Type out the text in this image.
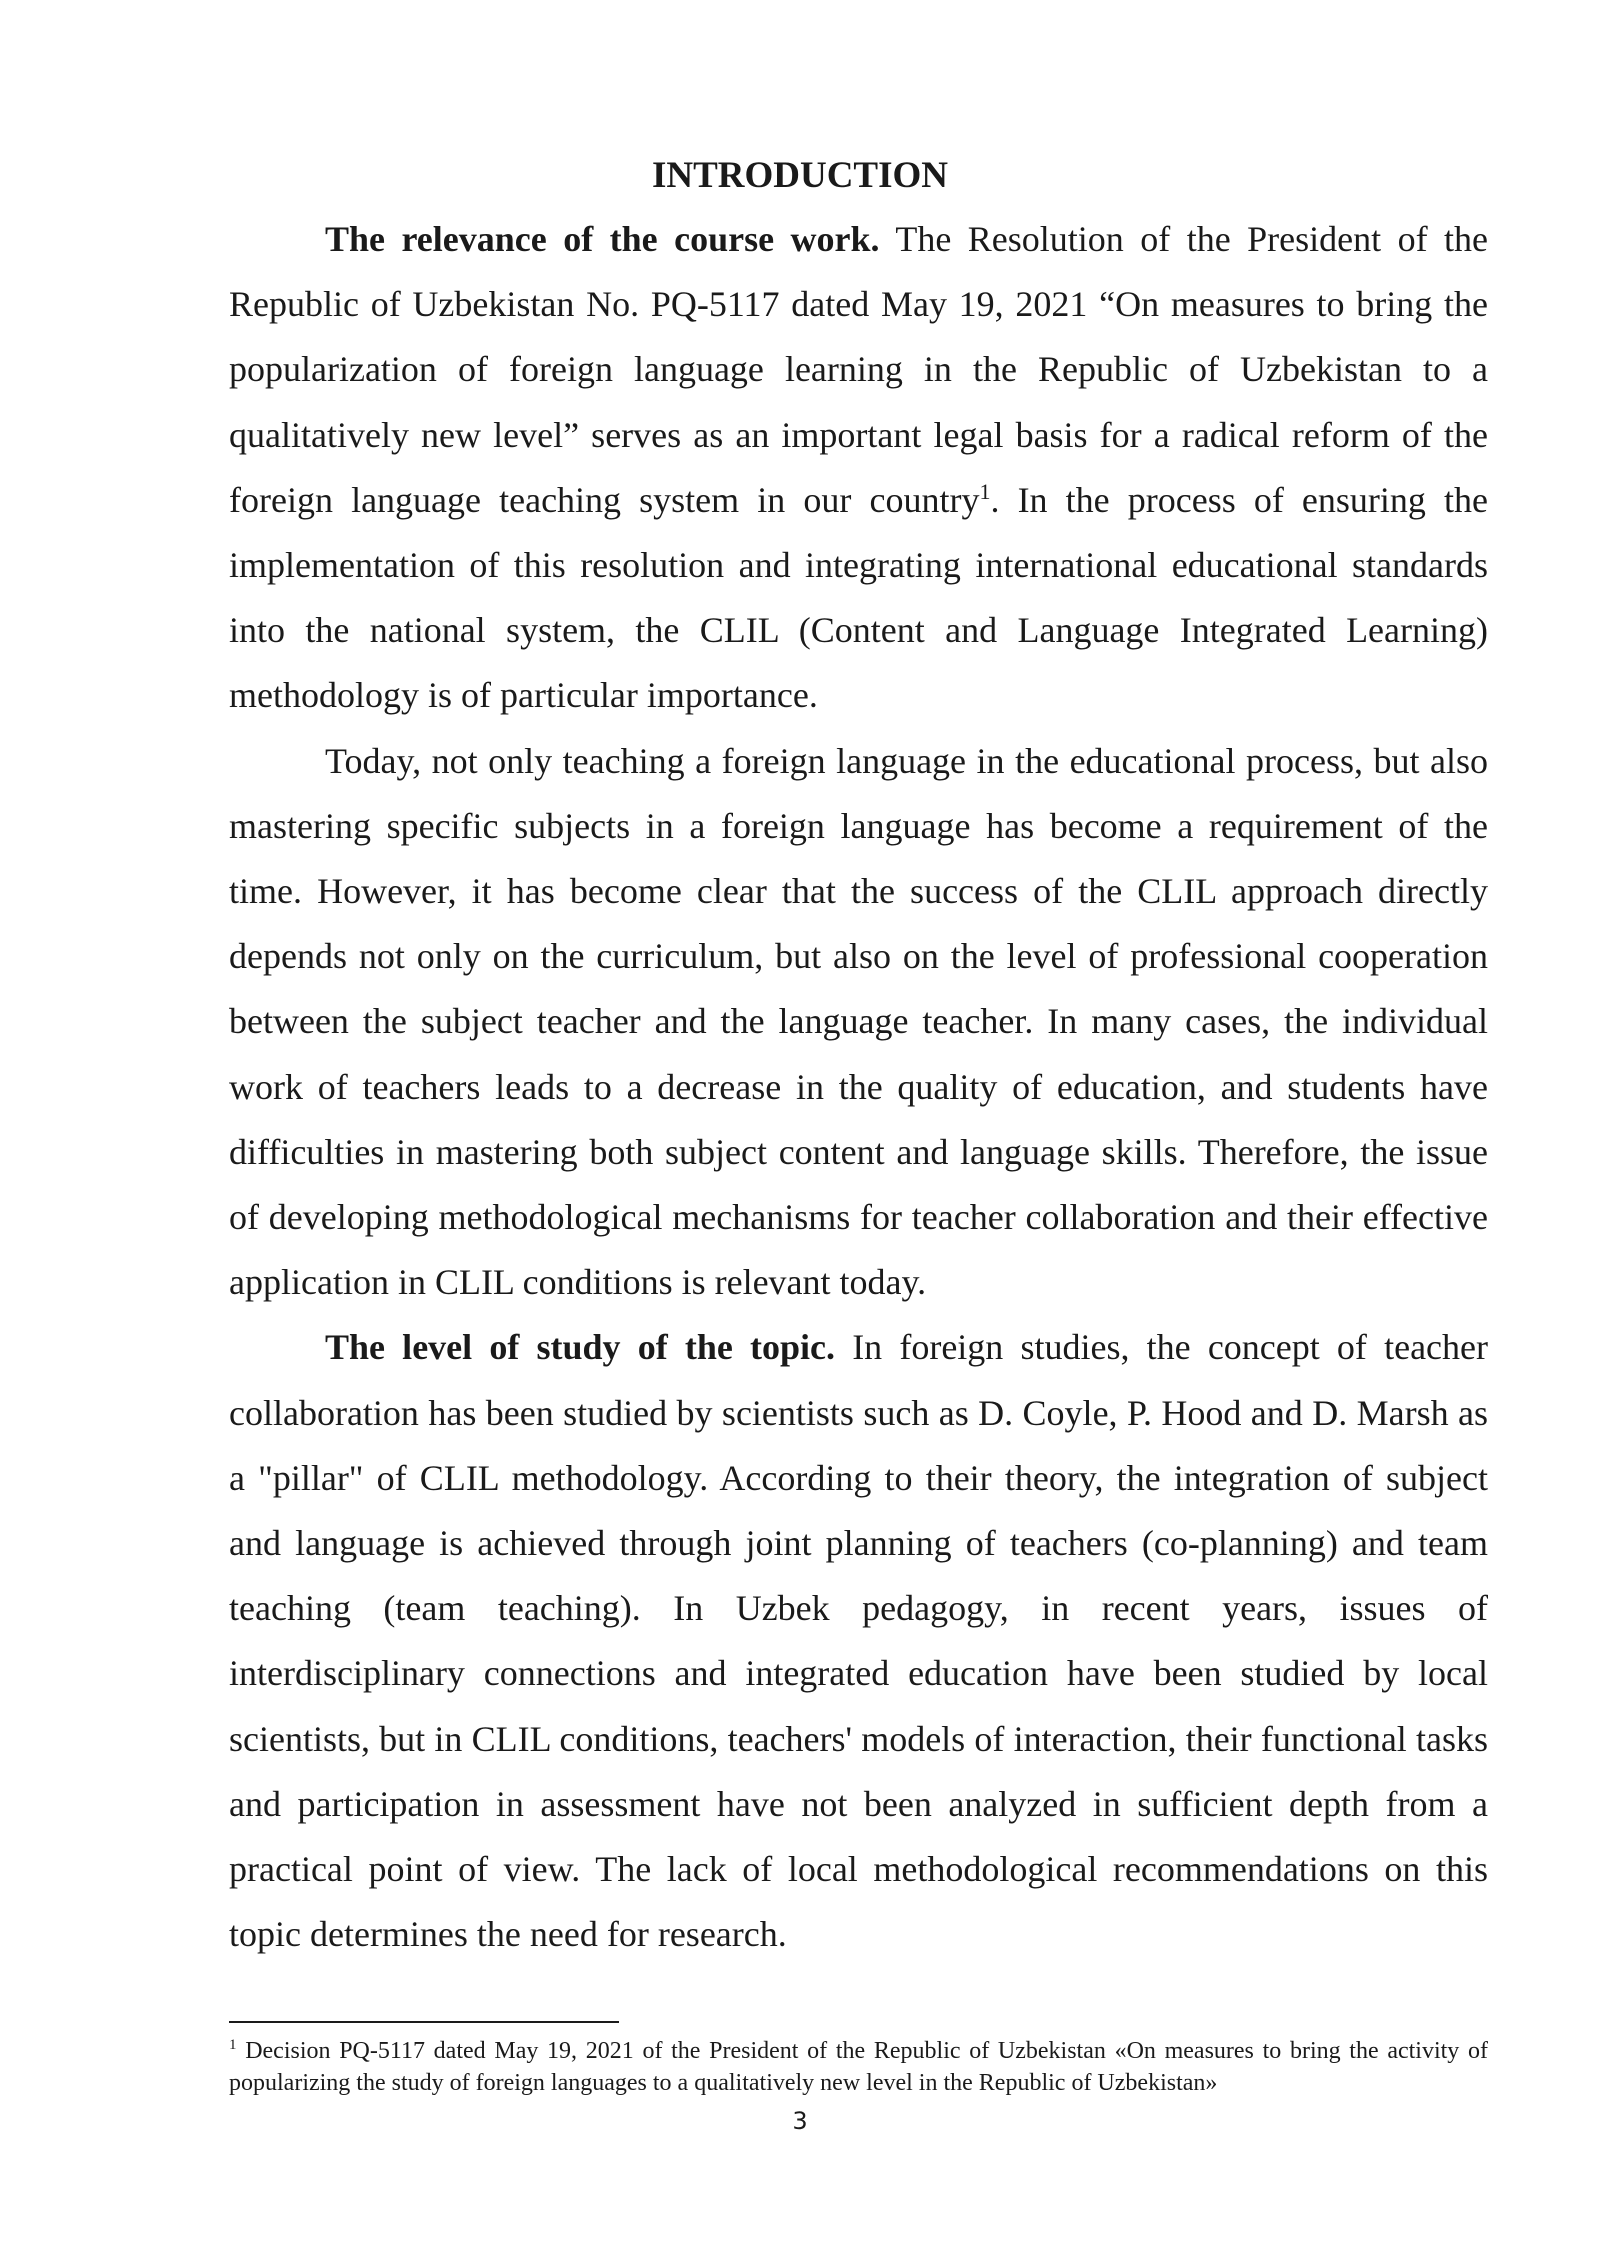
INTRODUCTION

The relevance of the course work. The Resolution of the President of the Republic of Uzbekistan No. PQ-5117 dated May 19, 2021 “On measures to bring the popularization of foreign language learning in the Republic of Uzbekistan to a qualitatively new level” serves as an important legal basis for a radical reform of the foreign language teaching system in our country$^1$. In the process of ensuring the implementation of this resolution and integrating international educational standards into the national system, the CLIL (Content and Language Integrated Learning) methodology is of particular importance.

Today, not only teaching a foreign language in the educational process, but also mastering specific subjects in a foreign language has become a requirement of the time. However, it has become clear that the success of the CLIL approach directly depends not only on the curriculum, but also on the level of professional cooperation between the subject teacher and the language teacher. In many cases, the individual work of teachers leads to a decrease in the quality of education, and students have difficulties in mastering both subject content and language skills. Therefore, the issue of developing methodological mechanisms for teacher collaboration and their effective application in CLIL conditions is relevant today.

The level of study of the topic. In foreign studies, the concept of teacher collaboration has been studied by scientists such as D. Coyle, P. Hood and D. Marsh as a "pillar" of CLIL methodology. According to their theory, the integration of subject and language is achieved through joint planning of teachers (co-planning) and team teaching (team teaching). In Uzbek pedagogy, in recent years, issues of interdisciplinary connections and integrated education have been studied by local scientists, but in CLIL conditions, teachers' models of interaction, their functional tasks and participation in assessment have not been analyzed in sufficient depth from a practical point of view. The lack of local methodological recommendations on this topic determines the need for research.

$^1$ Decision PQ-5117 dated May 19, 2021 of the President of the Republic of Uzbekistan «On measures to bring the activity of popularizing the study of foreign languages to a qualitatively new level in the Republic of Uzbekistan»

3
